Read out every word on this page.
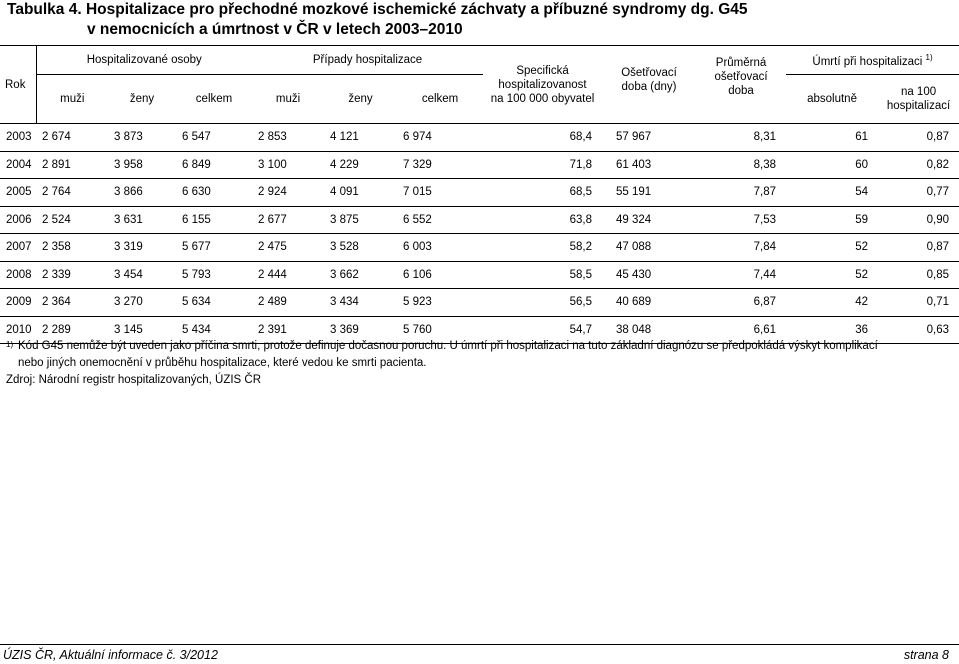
Tabulka 4. Hospitalizace pro přechodné mozkové ischemické záchvaty a příbuzné syndromy dg. G45
v nemocnicích a úmrtnost v ČR v letech 2003–2010
Rok	Hospitalizované osoby			Případy hospitalizace			Specifická
hospitalizovanost
na 100 000 obyvatel	Ošetřovací
doba (dny)	Průměrná
ošetřovací
doba	Úmrtí při hospitalizaci $^{1)}$
	muži	ženy	celkem	muži	ženy	celkem				absolutně	na 100
hospitalizací
2003	2 674	3 873	6 547	2 853	4 121	6 974	68,4	57 967	8,31	61	0,87
2004	2 891	3 958	6 849	3 100	4 229	7 329	71,8	61 403	8,38	60	0,82
2005	2 764	3 866	6 630	2 924	4 091	7 015	68,5	55 191	7,87	54	0,77
2006	2 524	3 631	6 155	2 677	3 875	6 552	63,8	49 324	7,53	59	0,90
2007	2 358	3 319	5 677	2 475	3 528	6 003	58,2	47 088	7,84	52	0,87
2008	2 339	3 454	5 793	2 444	3 662	6 106	58,5	45 430	7,44	52	0,85
2009	2 364	3 270	5 634	2 489	3 434	5 923	56,5	40 689	6,87	42	0,71
2010	2 289	3 145	5 434	2 391	3 369	5 760	54,7	38 048	6,61	36	0,63
1) Kód G45 nemůže být uveden jako příčina smrti, protože definuje dočasnou poruchu. U úmrtí při hospitalizaci na tuto základní diagnózu se předpokládá výskyt komplikací
nebo jiných onemocnění v průběhu hospitalizace, které vedou ke smrti pacienta.
Zdroj: Národní registr hospitalizovaných, ÚZIS ČR
ÚZIS ČR, Aktuální informace č. 3/2012	strana 8
